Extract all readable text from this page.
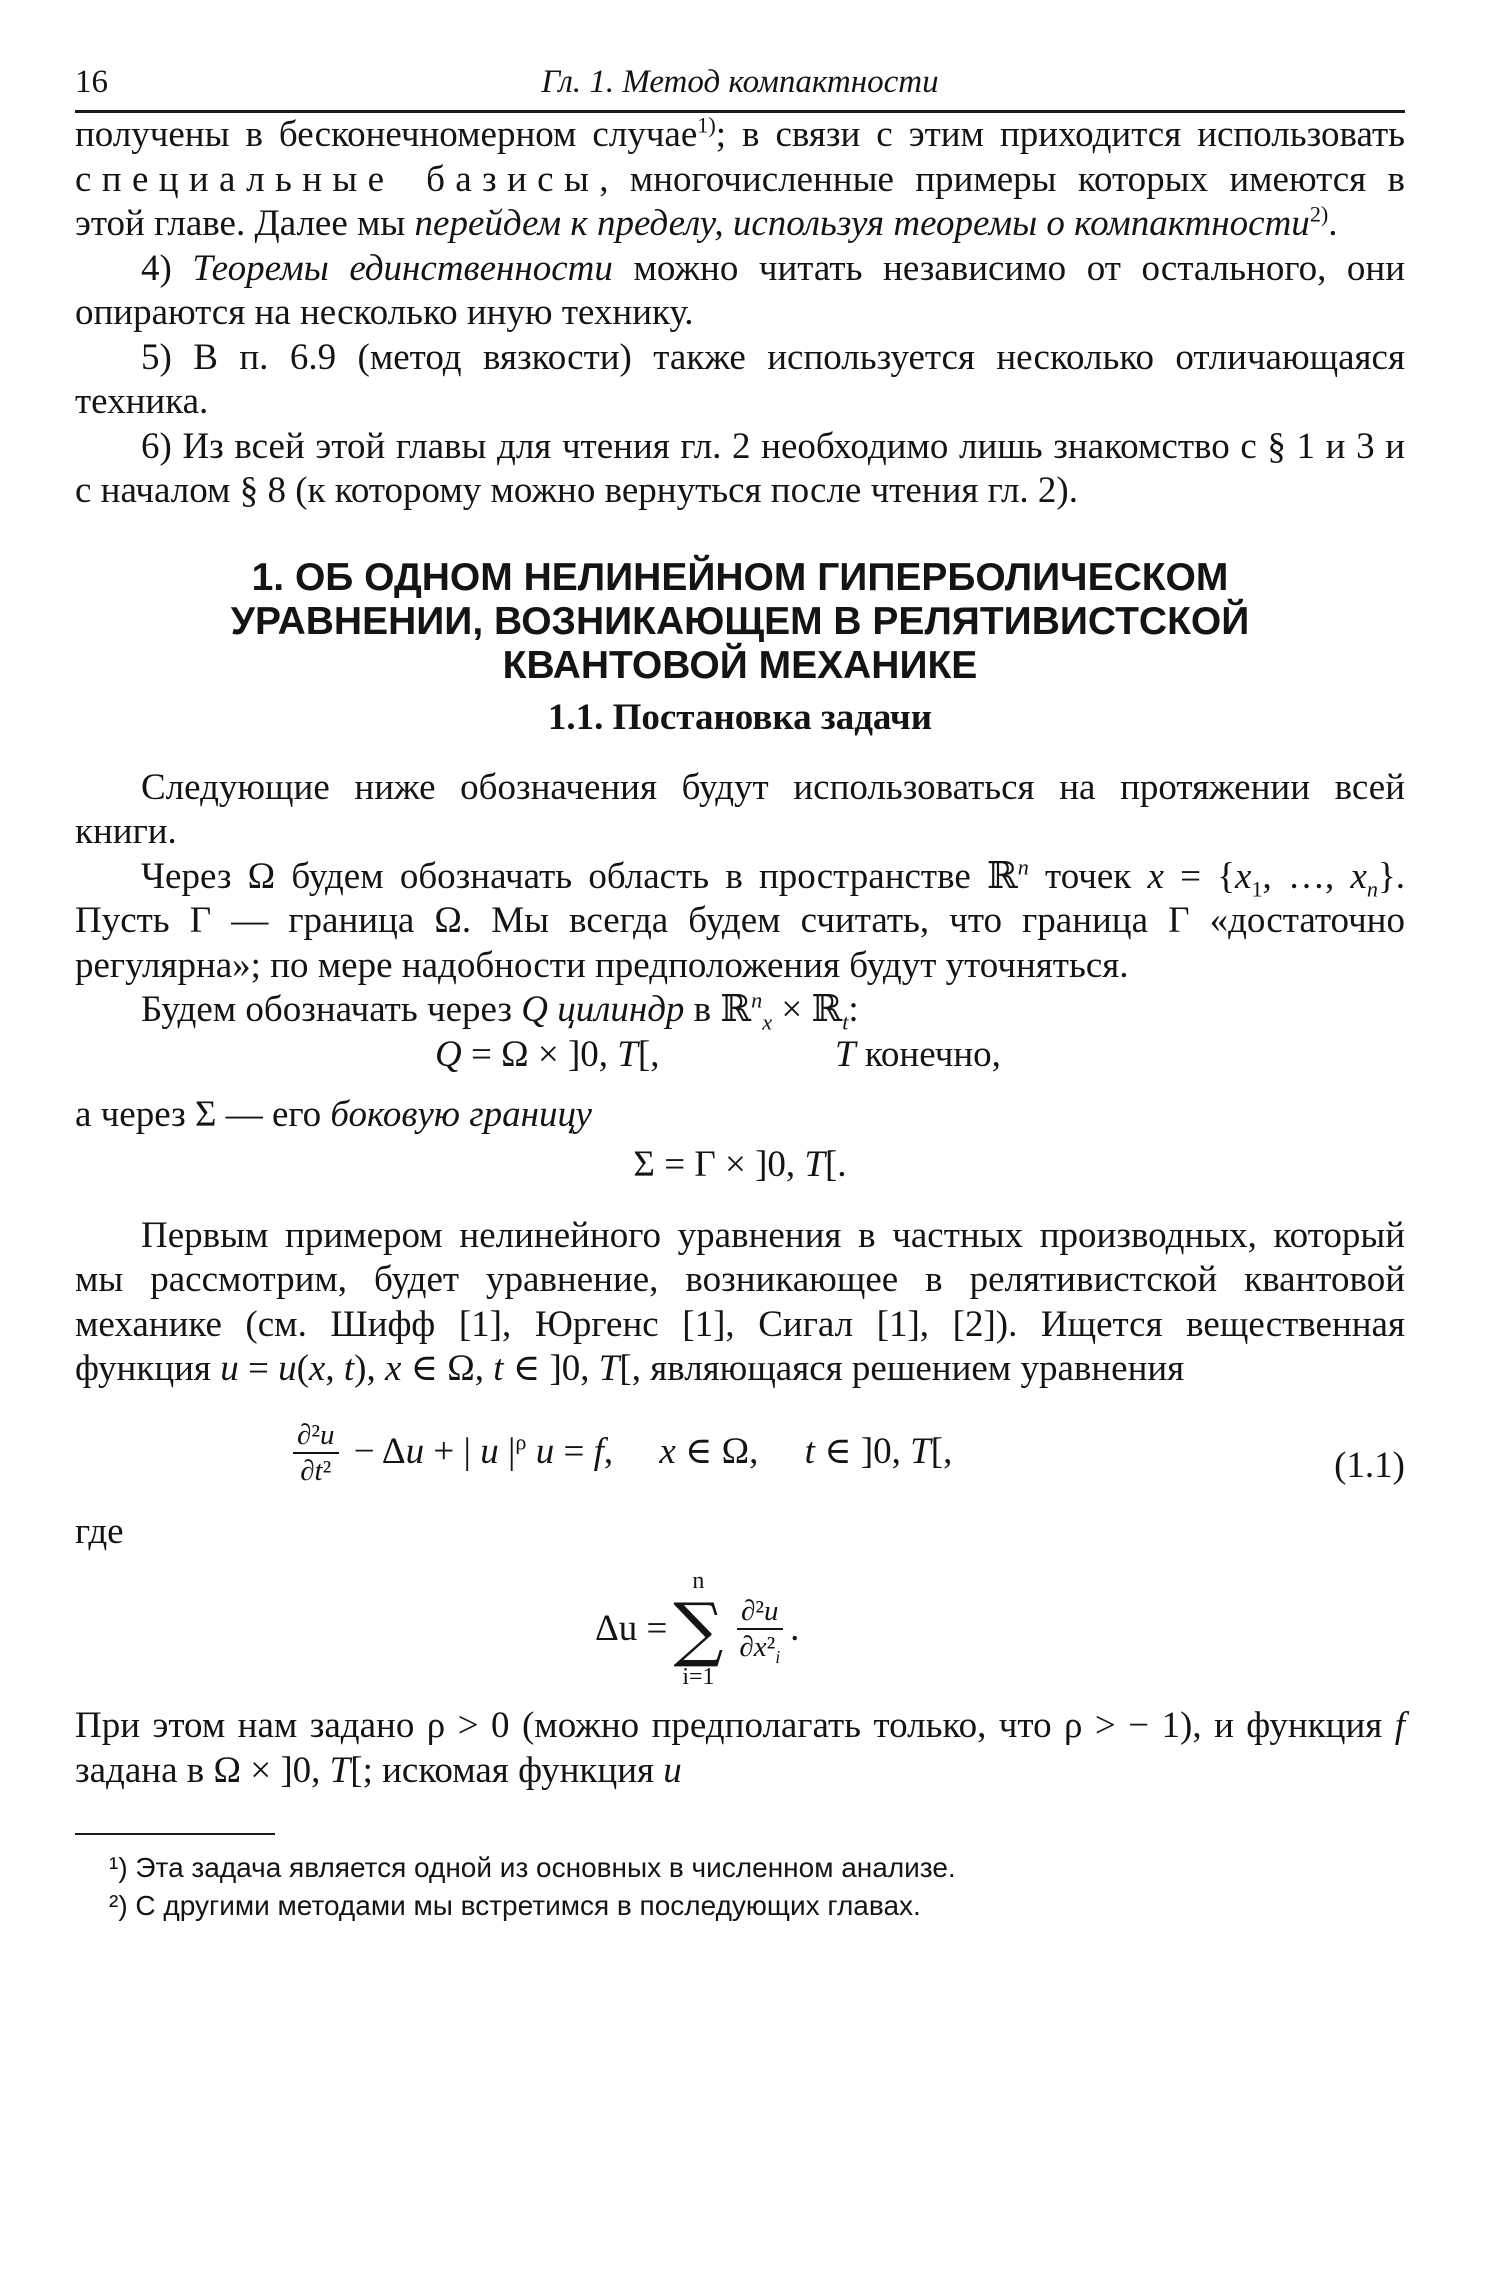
16	Гл. 1. Метод компактности

получены в бесконечномерном случае$^{1)}$; в связи с этим приходится использовать специальные базисы, многочисленные примеры которых имеются в этой главе. Далее мы перейдем к пределу, используя теоремы о компактности$^{2)}$.

4) Теоремы единственности можно читать независимо от остального, они опираются на несколько иную технику.

5) В п. 6.9 (метод вязкости) также используется несколько отличающаяся техника.

6) Из всей этой главы для чтения гл. 2 необходимо лишь знакомство с § 1 и 3 и с началом § 8 (к которому можно вернуться после чтения гл. 2).

1. ОБ ОДНОМ НЕЛИНЕЙНОМ ГИПЕРБОЛИЧЕСКОМ
УРАВНЕНИИ, ВОЗНИКАЮЩЕМ В РЕЛЯТИВИСТСКОЙ
КВАНТОВОЙ МЕХАНИКЕ
1.1. Постановка задачи

Следующие ниже обозначения будут использоваться на протяжении всей книги.

Через Ω будем обозначать область в пространстве ℝ$^n$ точек $x = \{x_1$, …, $x_n$}. Пусть Γ — граница Ω. Мы всегда будем считать, что граница Γ «достаточно регулярна»; по мере надобности предположения будут уточняться.

Будем обозначать через Q цилиндр в ℝ$^n_x$ × ℝ$_t$:

Q = Ω × ]0, T[,	T конечно,

а через Σ — его боковую границу

Σ = Γ × ]0, T[.

Первым примером нелинейного уравнения в частных производных, который мы рассмотрим, будет уравнение, возникающее в релятивистской квантовой механике (см. Шифф [1], Юргенс [1], Сигал [1], [2]). Ищется вещественная функция u = u(x, t), x ∈ Ω, t ∈ ]0, T[, являющаяся решением уравнения

$\frac{\text{∂²u}}{\text{∂t²}} - \Delta u$ + | u $|^\rho$ u = f,     x ∈ Ω,     t ∈ ]0, T[,	(1.1)

где

Δu =
n
∑
i=1
$\frac{\text{∂²u}}{\partial x^2_i}$ .

При этом нам задано ρ > 0 (можно предполагать только, что ρ > − 1), и функция f задана в Ω × ]0, T[; искомая функция u

¹) Эта задача является одной из основных в численном анализе.

²) С другими методами мы встретимся в последующих главах.
